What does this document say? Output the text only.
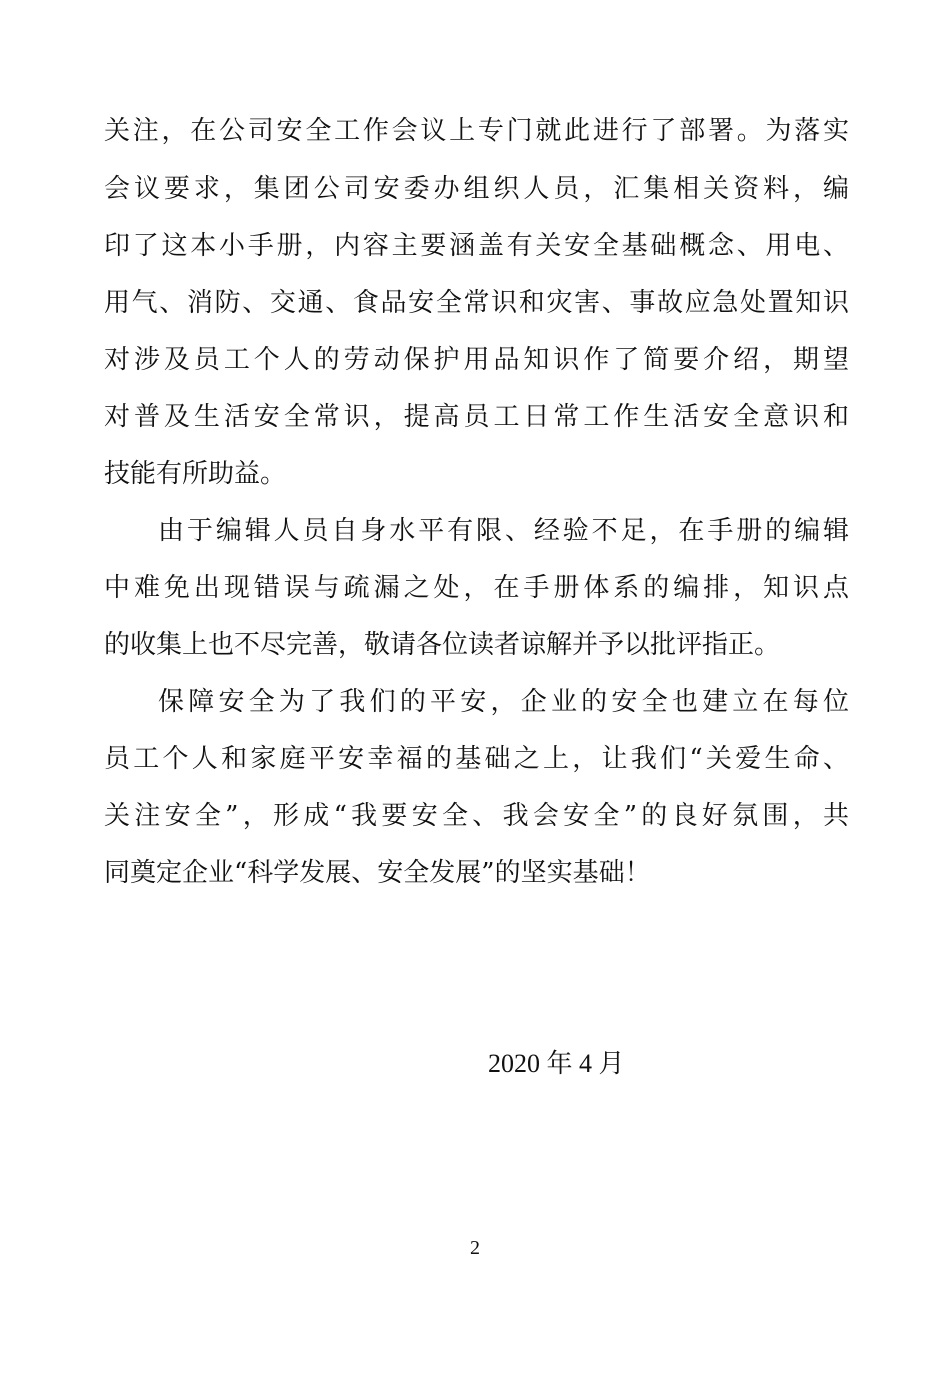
关注，在公司安全工作会议上专门就此进行了部署。为落实
会议要求，集团公司安委办组织人员，汇集相关资料，编
印了这本小手册，内容主要涵盖有关安全基础概念、用电、
用气、消防、交通、食品安全常识和灾害、事故应急处置知识
对涉及员工个人的劳动保护用品知识作了简要介绍，期望
对普及生活安全常识，提高员工日常工作生活安全意识和
技能有所助益。
由于编辑人员自身水平有限、经验不足，在手册的编辑
中难免出现错误与疏漏之处，在手册体系的编排，知识点
的收集上也不尽完善，敬请各位读者谅解并予以批评指正。
保障安全为了我们的平安，企业的安全也建立在每位
员工个人和家庭平安幸福的基础之上，让我们“关爱生命、
关注安全”，形成“我要安全、我会安全”的良好氛围，共
同奠定企业“科学发展、安全发展”的坚实基础！
2020 年 4 月
2
